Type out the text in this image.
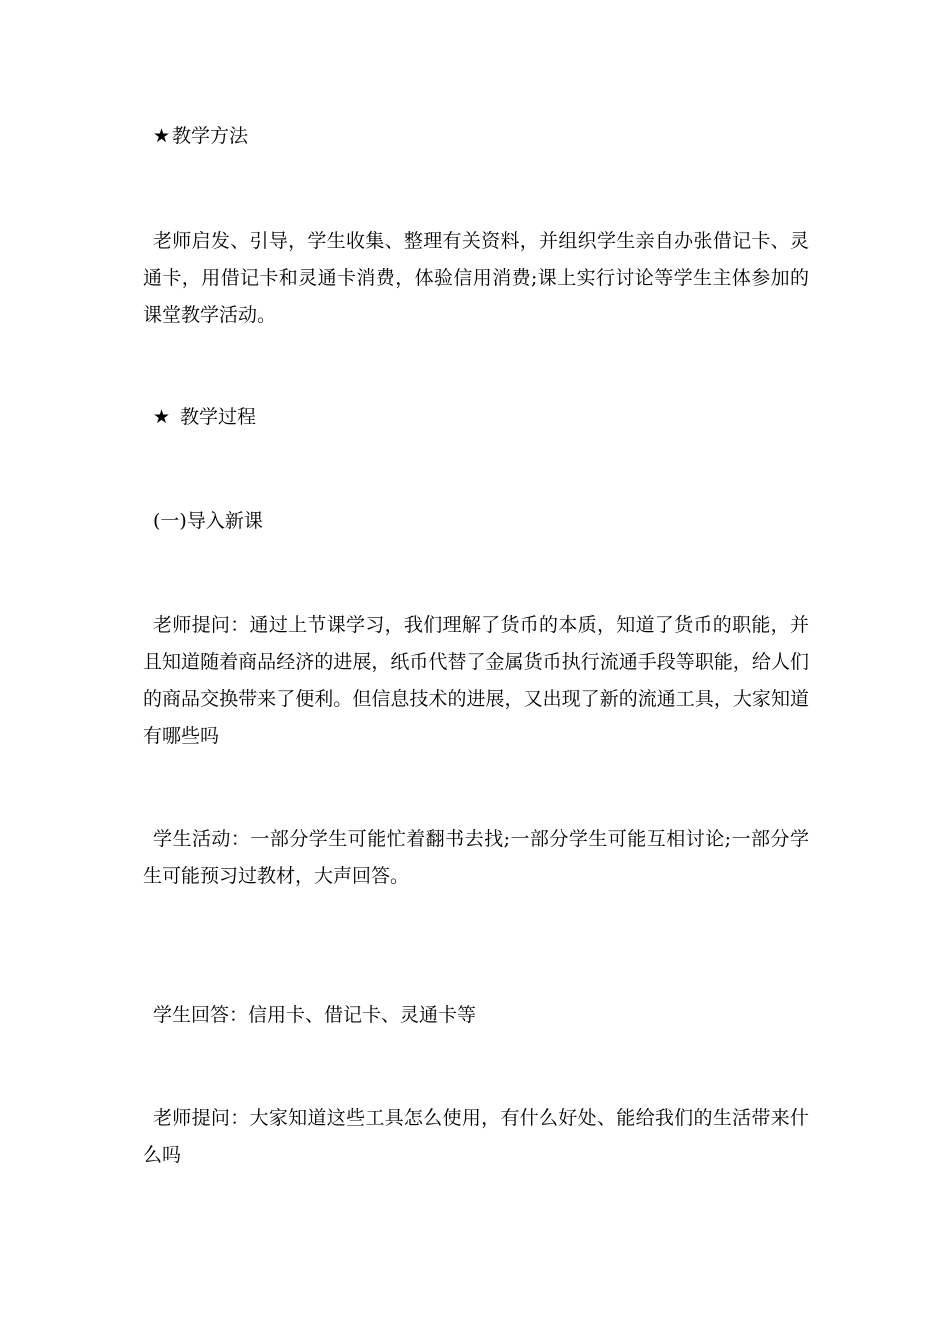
★ 教学方法

老师启发、引导，学生收集、整理有关资料，并组织学生亲自办张借记卡、灵通卡，用借记卡和灵通卡消费，体验信用消费;课上实行讨论等学生主体参加的课堂教学活动。

★ 教学过程

(一)导入新课

老师提问：通过上节课学习，我们理解了货币的本质，知道了货币的职能，并且知道随着商品经济的进展，纸币代替了金属货币执行流通手段等职能，给人们的商品交换带来了便利。但信息技术的进展，又出现了新的流通工具，大家知道有哪些吗

学生活动：一部分学生可能忙着翻书去找;一部分学生可能互相讨论;一部分学生可能预习过教材，大声回答。

学生回答：信用卡、借记卡、灵通卡等

老师提问：大家知道这些工具怎么使用，有什么好处、能给我们的生活带来什么吗
